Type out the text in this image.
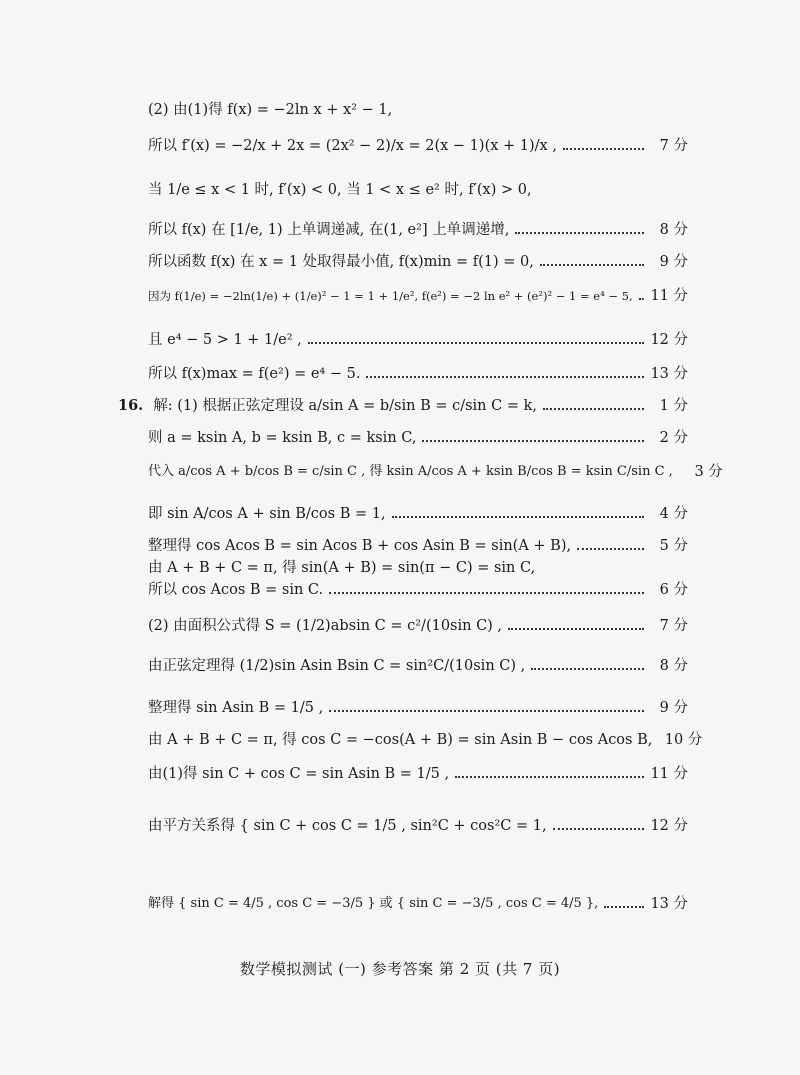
(2) 由(1)得 f(x) = −2ln x + x² − 1,
所以 f′(x) = −2/x + 2x = (2x² − 2)/x = 2(x − 1)(x + 1)/x ,	7 分
当 1/e ≤ x < 1 时, f′(x) < 0, 当 1 < x ≤ e² 时, f′(x) > 0,
所以 f(x) 在 [1/e, 1) 上单调递减, 在(1, e²] 上单调递增,	8 分
所以函数 f(x) 在 x = 1 处取得最小值, f(x)min = f(1) = 0,	9 分
因为 f(1/e) = −2ln(1/e) + (1/e)² − 1 = 1 + 1/e², f(e²) = −2 ln e² + (e²)² − 1 = e⁴ − 5, 11 分
且 e⁴ − 5 > 1 + 1/e² ,	12 分
所以 f(x)max = f(e²) = e⁴ − 5.	13 分
16. 解: (1) 根据正弦定理设 a/sin A = b/sin B = c/sin C = k,	1 分
则 a = ksin A, b = ksin B, c = ksin C,	2 分
代入 a/cos A + b/cos B = c/sin C , 得 ksin A/cos A + ksin B/cos B = ksin C/sin C ,	3 分
即 sin A/cos A + sin B/cos B = 1,	4 分
整理得 cos Acos B = sin Acos B + cos Asin B = sin(A + B),	5 分
由 A + B + C = π, 得 sin(A + B) = sin(π − C) = sin C,
所以 cos Acos B = sin C.	6 分
(2) 由面积公式得 S = (1/2)absin C = c²/(10sin C) ,	7 分
由正弦定理得 (1/2)sin Asin Bsin C = sin²C/(10sin C) ,	8 分
整理得 sin Asin B = 1/5 ,	9 分
由 A + B + C = π, 得 cos C = −cos(A + B) = sin Asin B − cos Acos B, 10 分
由(1)得 sin C + cos C = sin Asin B = 1/5 ,	11 分
由平方关系得 { sin C + cos C = 1/5 , sin²C + cos²C = 1,	12 分
解得 { sin C = 4/5 , cos C = −3/5 } 或 { sin C = −3/5 , cos C = 4/5 },	13 分
数学模拟测试 (一) 参考答案 第 2 页 (共 7 页)
